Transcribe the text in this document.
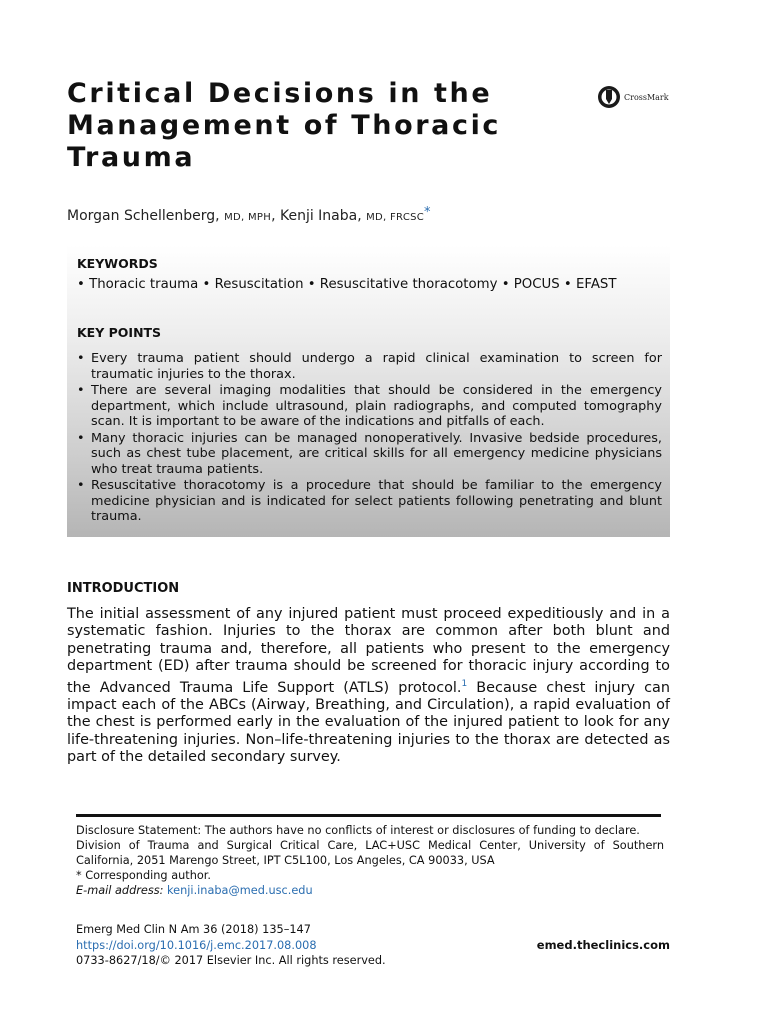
Critical Decisions in the
Management of Thoracic
Trauma
CrossMark
Morgan Schellenberg, MD, MPH, Kenji Inaba, MD, FRCSC*
KEYWORDS
• Thoracic trauma • Resuscitation • Resuscitative thoracotomy • POCUS • EFAST
KEY POINTS
• Every trauma patient should undergo a rapid clinical examination to screen for traumatic injuries to the thorax.
• There are several imaging modalities that should be considered in the emergency department, which include ultrasound, plain radiographs, and computed tomography scan. It is important to be aware of the indications and pitfalls of each.
• Many thoracic injuries can be managed nonoperatively. Invasive bedside procedures, such as chest tube placement, are critical skills for all emergency medicine physicians who treat trauma patients.
• Resuscitative thoracotomy is a procedure that should be familiar to the emergency medicine physician and is indicated for select patients following penetrating and blunt trauma.
INTRODUCTION

The initial assessment of any injured patient must proceed expeditiously and in a systematic fashion. Injuries to the thorax are common after both blunt and penetrating trauma and, therefore, all patients who present to the emergency department (ED) after trauma should be screened for thoracic injury according to the Advanced Trauma Life Support (ATLS) protocol.$^1$ Because chest injury can impact each of the ABCs (Airway, Breathing, and Circulation), a rapid evaluation of the chest is performed early in the evaluation of the injured patient to look for any life-threatening injuries. Non–life-threatening injuries to the thorax are detected as part of the detailed secondary survey.

Disclosure Statement: The authors have no conflicts of interest or disclosures of funding to declare.

Division of Trauma and Surgical Critical Care, LAC+USC Medical Center, University of Southern California, 2051 Marengo Street, IPT C5L100, Los Angeles, CA 90033, USA

* Corresponding author.

E-mail address: kenji.inaba@med.usc.edu

Emerg Med Clin N Am 36 (2018) 135–147

https://doi.org/10.1016/j.emc.2017.08.008

0733-8627/18/© 2017 Elsevier Inc. All rights reserved.

emed.theclinics.com
